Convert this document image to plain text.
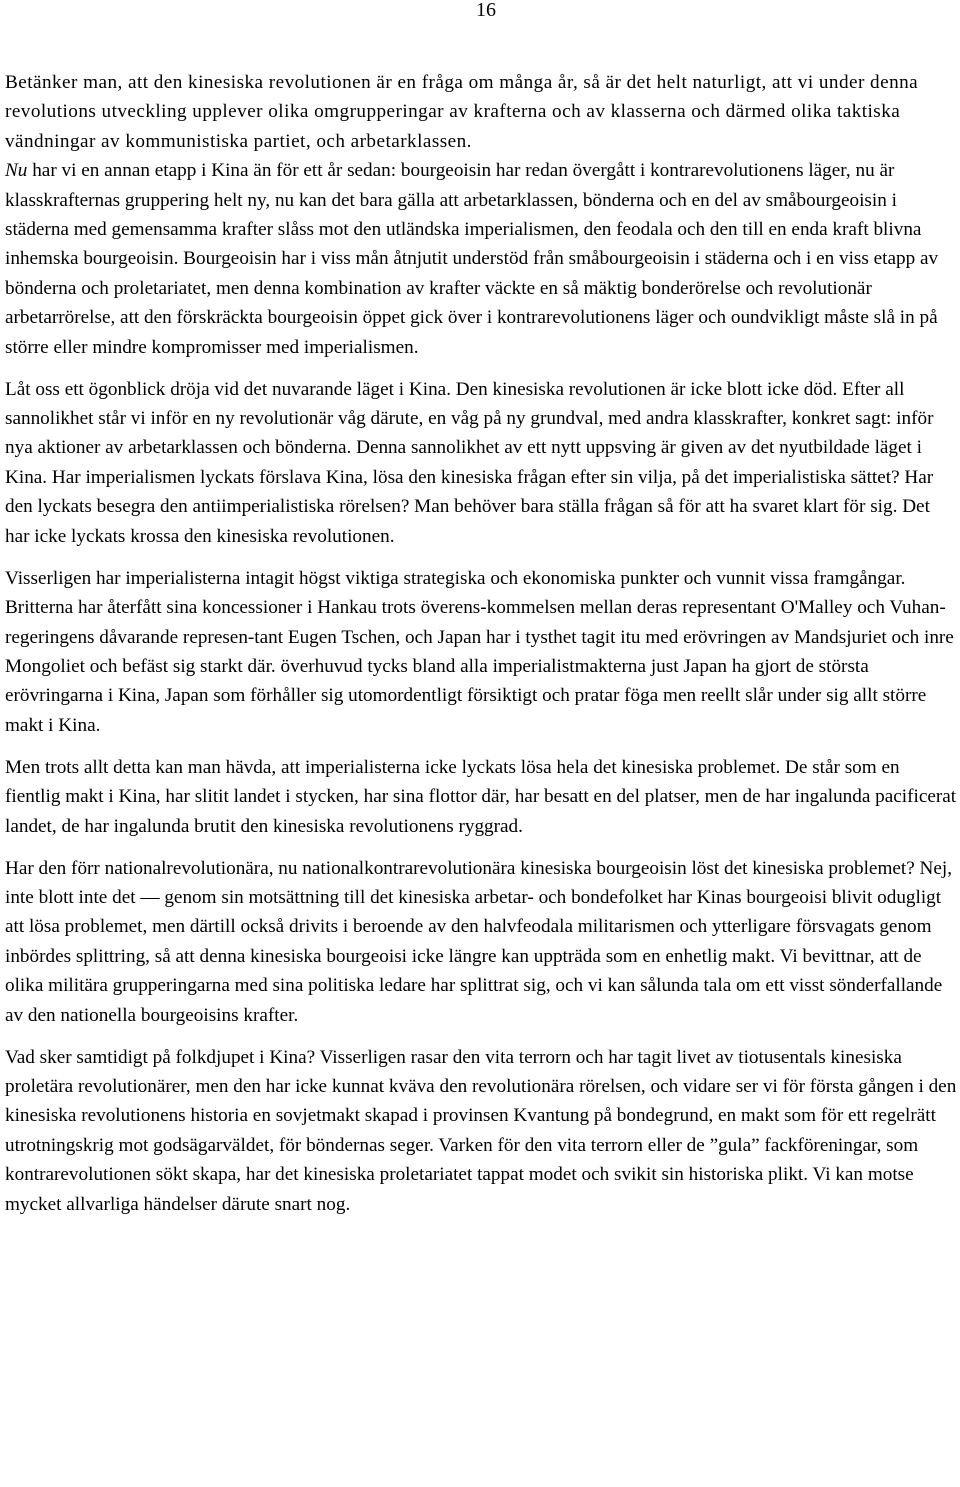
16

Betänker man, att den kinesiska revolutionen är en fråga om många år, så är det helt naturligt, att vi under denna revolutions utveckling upplever olika omgrupperingar av krafterna och av klasserna och därmed olika taktiska vändningar av kommunistiska partiet, och arbetarklassen.

Nu har vi en annan etapp i Kina än för ett år sedan: bourgeoisin har redan övergått i kontrarevolutionens läger, nu är klasskrafternas gruppering helt ny, nu kan det bara gälla att arbetarklassen, bönderna och en del av småbourgeoisin i städerna med gemensamma krafter slåss mot den utländska imperialismen, den feodala och den till en enda kraft blivna inhemska bourgeoisin. Bourgeoisin har i viss mån åtnjutit understöd från småbourgeoisin i städerna och i en viss etapp av bönderna och proletariatet, men denna kombination av krafter väckte en så mäktig bonderörelse och revolutionär arbetarrörelse, att den förskräckta bourgeoisin öppet gick över i kontrarevolutionens läger och oundvikligt måste slå in på större eller mindre kompromisser med imperialismen.

Låt oss ett ögonblick dröja vid det nuvarande läget i Kina. Den kinesiska revolutionen är icke blott icke död. Efter all sannolikhet står vi inför en ny revolutionär våg därute, en våg på ny grundval, med andra klasskrafter, konkret sagt: inför nya aktioner av arbetarklassen och bönderna. Denna sannolikhet av ett nytt uppsving är given av det nyutbildade läget i Kina. Har imperialismen lyckats förslava Kina, lösa den kinesiska frågan efter sin vilja, på det imperialistiska sättet? Har den lyckats besegra den antiimperialistiska rörelsen? Man behöver bara ställa frågan så för att ha svaret klart för sig. Det har icke lyckats krossa den kinesiska revolutionen.

Visserligen har imperialisterna intagit högst viktiga strategiska och ekonomiska punkter och vunnit vissa framgångar. Britterna har återfått sina koncessioner i Hankau trots överens-kommelsen mellan deras representant O'Malley och Vuhan-regeringens dåvarande represen-tant Eugen Tschen, och Japan har i tysthet tagit itu med erövringen av Mandsjuriet och inre Mongoliet och befäst sig starkt där. överhuvud tycks bland alla imperialistmakterna just Japan ha gjort de största erövringarna i Kina, Japan som förhåller sig utomordentligt försiktigt och pratar föga men reellt slår under sig allt större makt i Kina.

Men trots allt detta kan man hävda, att imperialisterna icke lyckats lösa hela det kinesiska problemet. De står som en fientlig makt i Kina, har slitit landet i stycken, har sina flottor där, har besatt en del platser, men de har ingalunda pacificerat landet, de har ingalunda brutit den kinesiska revolutionens ryggrad.

Har den förr nationalrevolutionära, nu nationalkontrarevolutionära kinesiska bourgeoisin löst det kinesiska problemet? Nej, inte blott inte det — genom sin motsättning till det kinesiska arbetar- och bondefolket har Kinas bourgeoisi blivit odugligt att lösa problemet, men därtill också drivits i beroende av den halvfeodala militarismen och ytterligare försvagats genom inbördes splittring, så att denna kinesiska bourgeoisi icke längre kan uppträda som en enhetlig makt. Vi bevittnar, att de olika militära grupperingarna med sina politiska ledare har splittrat sig, och vi kan sålunda tala om ett visst sönderfallande av den nationella bourgeoisins krafter.

Vad sker samtidigt på folkdjupet i Kina? Visserligen rasar den vita terrorn och har tagit livet av tiotusentals kinesiska proletära revolutionärer, men den har icke kunnat kväva den revolutionära rörelsen, och vidare ser vi för första gången i den kinesiska revolutionens historia en sovjetmakt skapad i provinsen Kvantung på bondegrund, en makt som för ett regelrätt utrotningskrig mot godsägarväldet, för böndernas seger. Varken för den vita terrorn eller de ”gula” fackföreningar, som kontrarevolutionen sökt skapa, har det kinesiska proletariatet tappat modet och svikit sin historiska plikt. Vi kan motse mycket allvarliga händelser därute snart nog.
